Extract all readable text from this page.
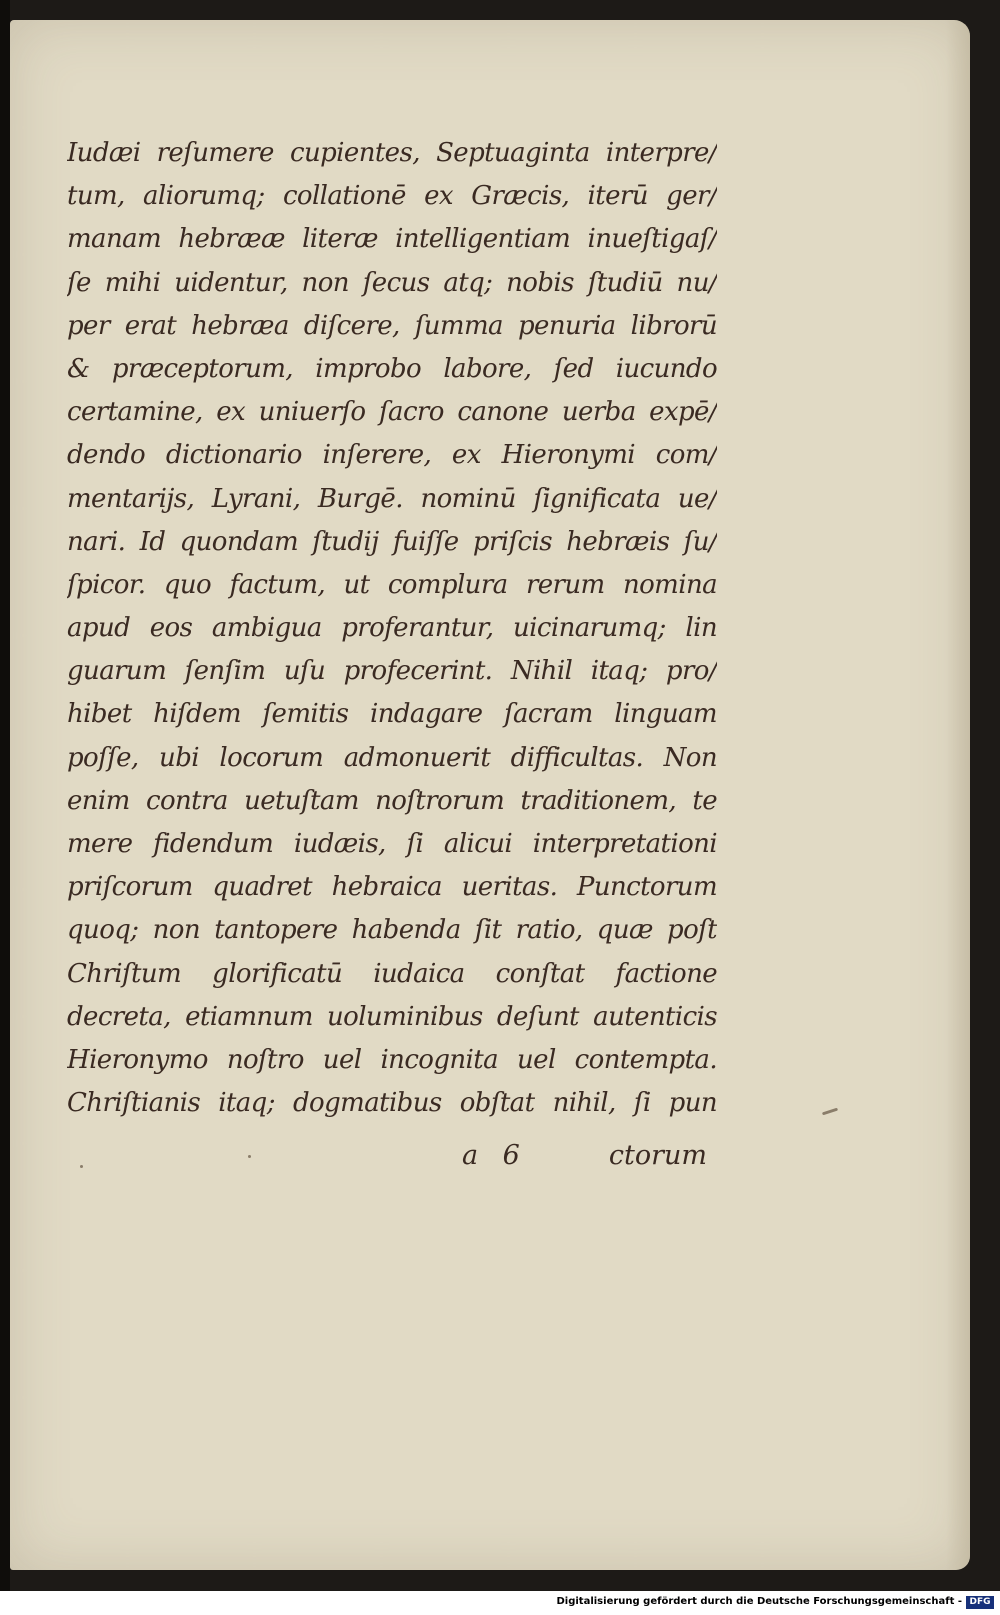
Iudæi reſumere cupientes, Septuaginta interpre/
tum, aliorumq; collationē ex Græcis, iterū ger/
manam hebrææ literæ intelligentiam inueſtigaſ/
ſe mihi uidentur, non ſecus atq; nobis ſtudiū nu/
per erat hebræa diſcere, ſumma penuria librorū
& præceptorum, improbo labore, ſed iucundo
certamine, ex uniuerſo ſacro canone uerba expē/
dendo dictionario inſerere, ex Hieronymi com/
mentarijs, Lyrani, Burgē. nominū ſignificata ue/
nari. Id quondam ſtudij fuiſſe priſcis hebræis ſu/
ſpicor. quo factum, ut complura rerum nomina
apud eos ambigua proferantur, uicinarumq; lin
guarum ſenſim uſu profecerint. Nihil itaq; pro/
hibet hiſdem ſemitis indagare ſacram linguam
poſſe, ubi locorum admonuerit difficultas. Non
enim contra uetuſtam noſtrorum traditionem, te
mere fidendum iudæis, ſi alicui interpretationi
priſcorum quadret hebraica ueritas. Punctorum
quoq; non tantopere habenda ſit ratio, quæ poſt
Chriſtum glorificatū iudaica conſtat factione
decreta, etiamnum uoluminibus deſunt autenticis
Hieronymo noſtro uel incognita uel contempta.
Chriſtianis itaq; dogmatibus obſtat nihil, ſi pun
a 6	ctorum
Digitalisierung gefördert durch die Deutsche Forschungsgemeinschaft - DFG
